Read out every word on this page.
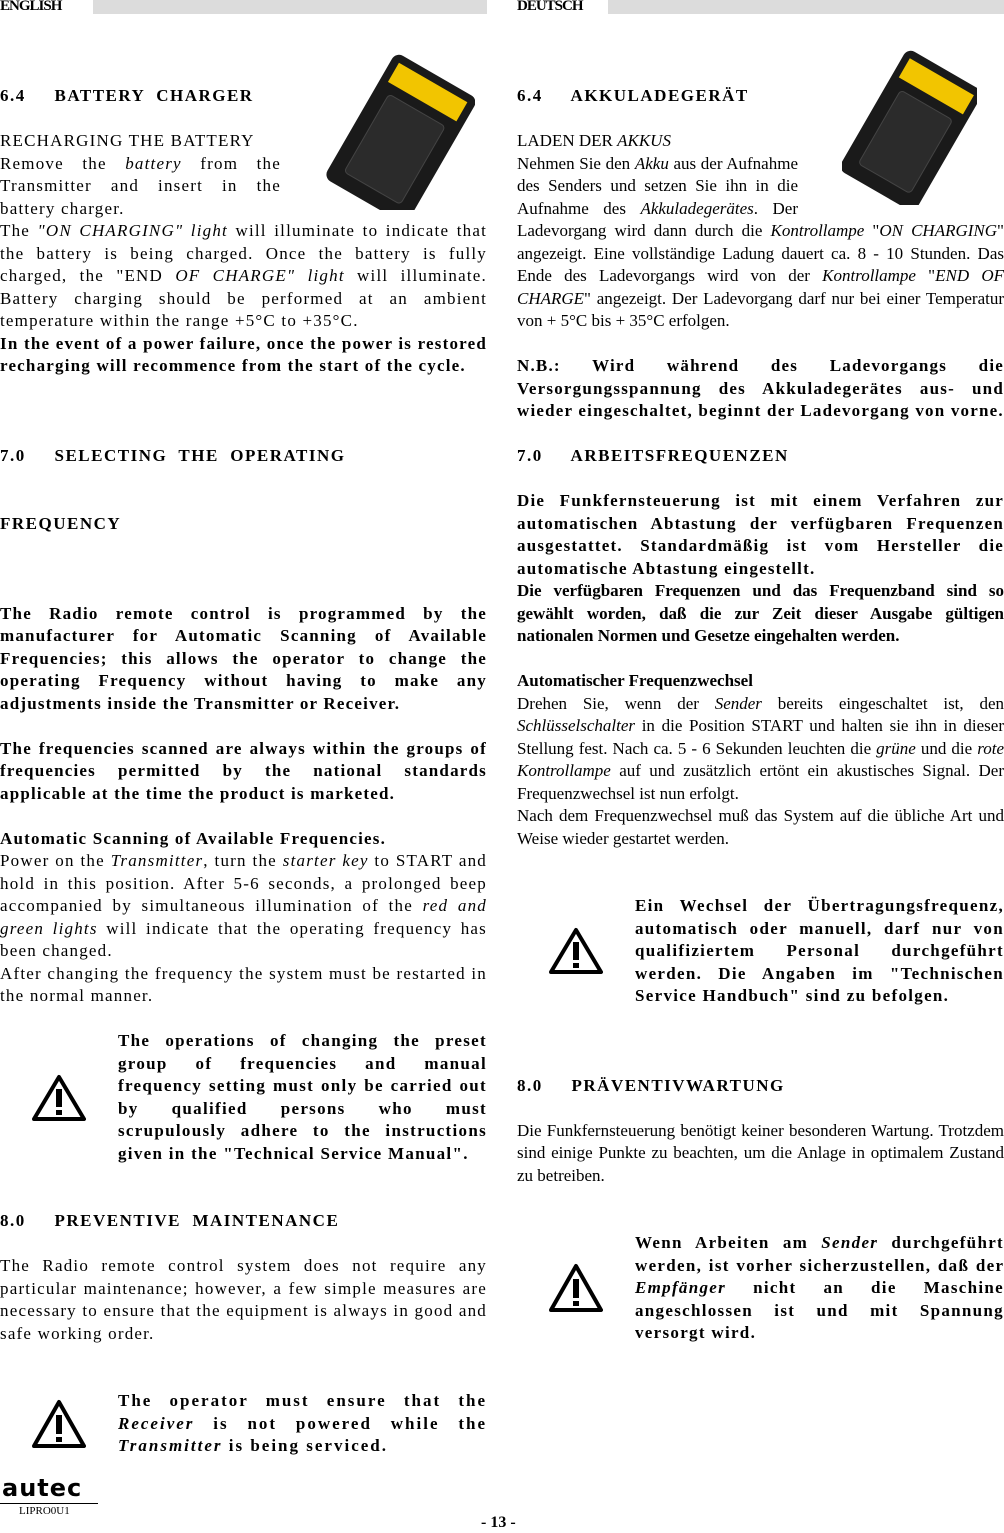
ENGLISH	DEUTSCH
6.4     BATTERY  CHARGER

RECHARGING THE BATTERY

Remove the battery from the Transmitter and insert in the battery charger.

The "ON CHARGING" light will illuminate to indicate that the battery is being charged. Once the battery is fully charged, the "END OF CHARGE" light will illuminate. Battery charging should be performed at an ambient temperature within the range +5°C to +35°C.

In the event of a power failure, once the power is restored recharging will recommence from the start of the cycle.

7.0     SELECTING  THE  OPERATING

FREQUENCY

The Radio remote control is programmed by the manufacturer for Automatic Scanning of Available Frequencies; this allows the operator to change the operating Frequency without having to make any adjustments inside the Transmitter or Receiver.
The frequencies scanned are always within the groups of frequencies permitted by the national standards applicable at the time the product is marketed.

Automatic Scanning of Available Frequencies.

Power on the Transmitter, turn the starter key to START and hold in this position. After 5-6 seconds, a prolonged beep accompanied by simultaneous illumination of the red and green lights will indicate that the operating frequency has been changed.

After changing the frequency the system must be restarted in the normal manner.

The operations of changing the preset group of frequencies and manual frequency setting must only be carried out by qualified persons who must scrupulously adhere to the instructions given in the "Technical Service Manual".
8.0     PREVENTIVE  MAINTENANCE
The Radio remote control system does not require any particular maintenance; however, a few simple measures are necessary to ensure that the equipment is always in good and safe working order.
The operator must ensure that the Receiver is not powered while the Transmitter is being serviced.
6.4     AKKULADEGERÄT

LADEN DER AKKUS

Nehmen Sie den Akku aus der Aufnahme des Senders und setzen Sie ihn in die Aufnahme des Akkuladegerätes. Der Ladevorgang wird dann durch die Kontrollampe "ON CHARGING" angezeigt. Eine vollständige Ladung dauert ca. 8 - 10 Stunden. Das Ende des Ladevorgangs wird von der Kontrollampe "END OF CHARGE" angezeigt. Der Ladevorgang darf nur bei einer Temperatur von + 5°C bis + 35°C erfolgen.

N.B.: Wird während des Ladevorgangs die Versorgungsspannung des Akkuladegerätes aus- und wieder eingeschaltet, beginnt der Ladevorgang von vorne.
7.0     ARBEITSFREQUENZEN

Die Funkfernsteuerung ist mit einem Verfahren zur automatischen Abtastung der verfügbaren Frequenzen ausgestattet. Standardmäßig ist vom Hersteller die automatische Abtastung eingestellt.

Die verfügbaren Frequenzen und das Frequenzband sind so gewählt worden, daß die zur Zeit dieser Ausgabe gültigen nationalen Normen und Gesetze eingehalten werden.

Automatischer Frequenzwechsel

Drehen Sie, wenn der Sender bereits eingeschaltet ist, den Schlüsselschalter in die Position START und halten sie ihn in dieser Stellung fest. Nach ca. 5 - 6 Sekunden leuchten die grüne und die rote Kontrollampe auf und zusätzlich ertönt ein akustisches Signal. Der Frequenzwechsel ist nun erfolgt.

Nach dem Frequenzwechsel muß das System auf die übliche Art und Weise wieder gestartet werden.

Ein Wechsel der Übertragungsfrequenz, automatisch oder manuell, darf nur von qualifiziertem Personal durchgeführt werden. Die Angaben im "Technischen Service Handbuch" sind zu befolgen.
8.0     PRÄVENTIVWARTUNG
Die Funkfernsteuerung benötigt keiner besonderen Wartung. Trotzdem sind einige Punkte zu beachten, um die Anlage in optimalem Zustand zu betreiben.
Wenn Arbeiten am Sender durchgeführt werden, ist vorher sicherzustellen, daß der Empfänger nicht an die Maschine angeschlossen ist und mit Spannung versorgt wird.
autec
LIPRO0U1
- 13 -
